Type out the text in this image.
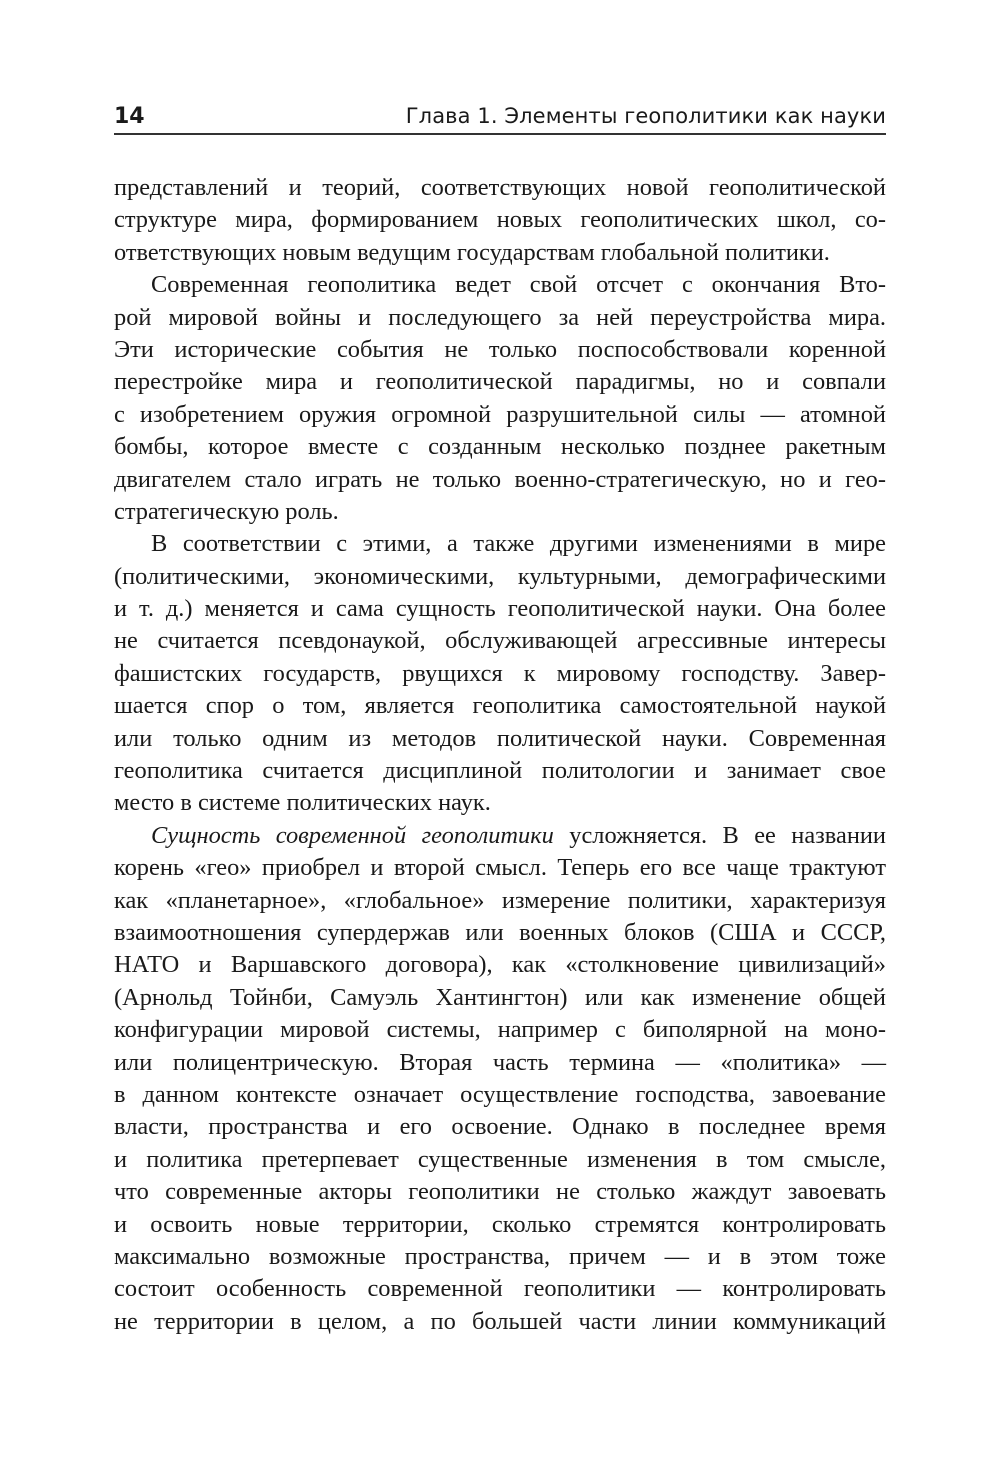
14	Глава 1. Элементы геополитики как науки
представлений и теорий, соответствующих новой геополитической
структуре мира, формированием новых геополитических школ, со-
ответствующих новым ведущим государствам глобальной политики.
Современная геополитика ведет свой отсчет с окончания Вто-
рой мировой войны и последующего за ней переустройства мира.
Эти исторические события не только поспособствовали коренной
перестройке мира и геополитической парадигмы, но и совпали
с изобретением оружия огромной разрушительной силы — атомной
бомбы, которое вместе с созданным несколько позднее ракетным
двигателем стало играть не только военно-стратегическую, но и гео-
стратегическую роль.
В соответствии с этими, а также другими изменениями в мире
(политическими, экономическими, культурными, демографическими
и т. д.) меняется и сама сущность геополитической науки. Она более
не считается псевдонаукой, обслуживающей агрессивные интересы
фашистских государств, рвущихся к мировому господству. Завер-
шается спор о том, является геополитика самостоятельной наукой
или только одним из методов политической науки. Современная
геополитика считается дисциплиной политологии и занимает свое
место в системе политических наук.
Сущность современной геополитики усложняется. В ее названии
корень «гео» приобрел и второй смысл. Теперь его все чаще трактуют
как «планетарное», «глобальное» измерение политики, характеризуя
взаимоотношения супердержав или военных блоков (США и СССР,
НАТО и Варшавского договора), как «столкновение цивилизаций»
(Арнольд Тойнби, Самуэль Хантингтон) или как изменение общей
конфигурации мировой системы, например с биполярной на моно-
или полицентрическую. Вторая часть термина — «политика» —
в данном контексте означает осуществление господства, завоевание
власти, пространства и его освоение. Однако в последнее время
и политика претерпевает существенные изменения в том смысле,
что современные акторы геополитики не столько жаждут завоевать
и освоить новые территории, сколько стремятся контролировать
максимально возможные пространства, причем — и в этом тоже
состоит особенность современной геополитики — контролировать
не территории в целом, а по большей части линии коммуникаций
